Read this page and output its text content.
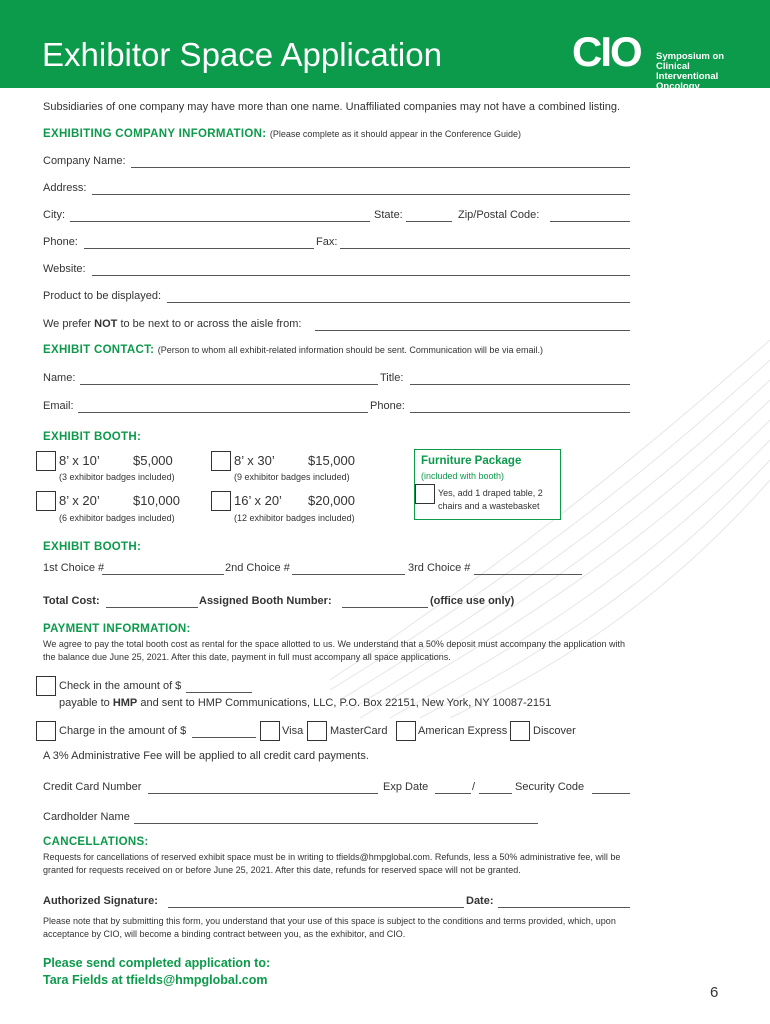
Exhibitor Space Application	CIO Symposium on Clinical
Interventional Oncology
Subsidiaries of one company may have more than one name. Unaffiliated companies may not have a combined listing.
EXHIBITING COMPANY INFORMATION: (Please complete as it should appear in the Conference Guide)
Company Name:
Address:
City:	State:	Zip/Postal Code:
Phone:	Fax:
Website:
Product to be displayed:
We prefer NOT to be next to or across the aisle from:
EXHIBIT CONTACT: (Person to whom all exhibit-related information should be sent. Communication will be via email.)
Name:	Title:
Email:	Phone:
EXHIBIT BOOTH:
8’ x 10’	$5,000
(3 exhibitor badges included)
8’ x 30’	$15,000
(9 exhibitor badges included)
8’ x 20’	$10,000
(6 exhibitor badges included)
16’ x 20’ $20,000
(12 exhibitor badges included)
Furniture Package
(included with booth)
Yes, add 1 draped table, 2
chairs and a wastebasket
EXHIBIT BOOTH:
1st Choice #	2nd Choice #	3rd Choice #
Total Cost:	Assigned Booth Number:	(office use only)
PAYMENT INFORMATION:
We agree to pay the total booth cost as rental for the space allotted to us. We understand that a 50% deposit must accompany the application with the balance due June 25, 2021. After this date, payment in full must accompany all space applications.
Check in the amount of $
payable to HMP and sent to HMP Communications, LLC, P.O. Box 22151, New York, NY 10087-2151
Charge in the amount of $	Visa MasterCard	American Express Discover
A 3% Administrative Fee will be applied to all credit card payments.
Credit Card Number	Exp Date	/	Security Code
Cardholder Name
CANCELLATIONS:
Requests for cancellations of reserved exhibit space must be in writing to tfields@hmpglobal.com. Refunds, less a 50% administrative fee, will be granted for requests received on or before June 25, 2021. After this date, refunds for reserved space will not be granted.
Authorized Signature:	Date:
Please note that by submitting this form, you understand that your use of this space is subject to the conditions and terms provided, which, upon acceptance by CIO, will become a binding contract between you, as the exhibitor, and CIO.
Please send completed application to:
Tara Fields at tfields@hmpglobal.com
6
